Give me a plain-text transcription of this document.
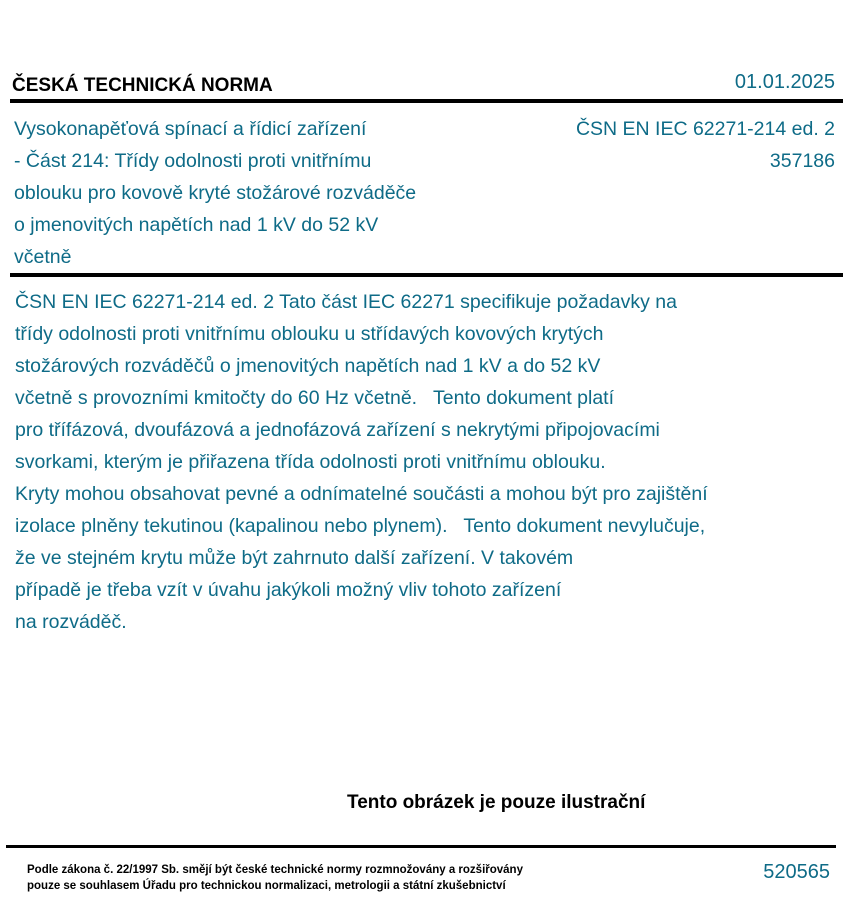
ČESKÁ TECHNICKÁ NORMA	01.01.2025
Vysokonapěťová spínací a řídicí zařízení
- Část 214: Třídy odolnosti proti vnitřnímu
oblouku pro kovově kryté stožárové rozváděče
o jmenovitých napětích nad 1 kV do 52 kV
včetně
ČSN EN IEC 62271-214 ed. 2
357186
ČSN EN IEC 62271-214 ed. 2 Tato část IEC 62271 specifikuje požadavky na
třídy odolnosti proti vnitřnímu oblouku u střídavých kovových krytých
stožárových rozváděčů o jmenovitých napětích nad 1 kV a do 52 kV
včetně s provozními kmitočty do 60 Hz včetně.   Tento dokument platí
pro třífázová, dvoufázová a jednofázová zařízení s nekrytými připojovacími
svorkami, kterým je přiřazena třída odolnosti proti vnitřnímu oblouku.
Kryty mohou obsahovat pevné a odnímatelné součásti a mohou být pro zajištění
izolace plněny tekutinou (kapalinou nebo plynem).   Tento dokument nevylučuje,
že ve stejném krytu může být zahrnuto další zařízení. V takovém
případě je třeba vzít v úvahu jakýkoli možný vliv tohoto zařízení
na rozváděč.
Tento obrázek je pouze ilustrační
Podle zákona č. 22/1997 Sb. smějí být české technické normy rozmnožovány a rozšiřovány
pouze se souhlasem Úřadu pro technickou normalizaci, metrologii a státní zkušebnictví
520565
